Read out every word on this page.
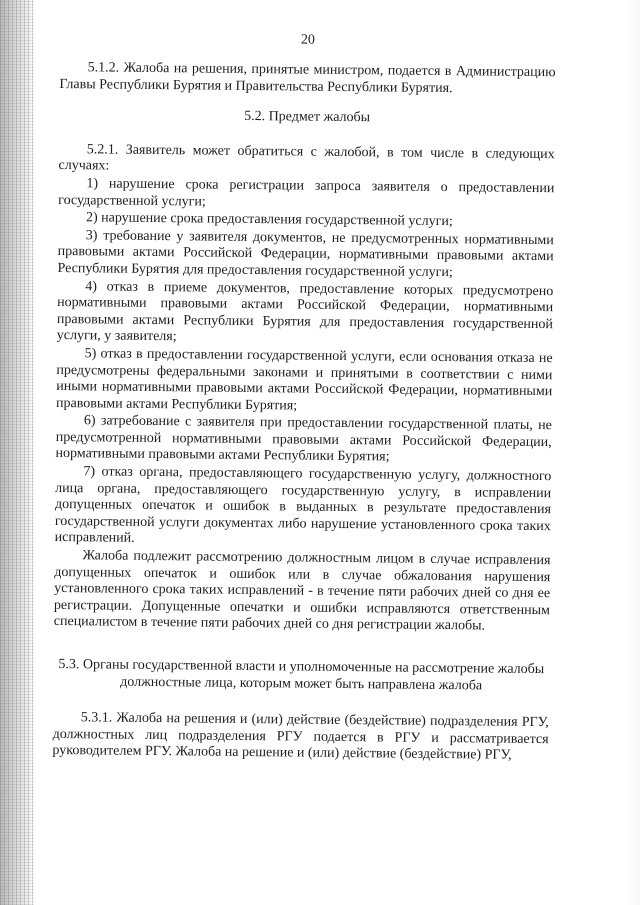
20

5.1.2. Жалоба на решения, принятые министром, подается в Администрацию Главы Республики Бурятия и Правительства Республики Бурятия.

5.2. Предмет жалобы

5.2.1. Заявитель может обратиться с жалобой, в том числе в следующих случаях:

1) нарушение срока регистрации запроса заявителя о предоставлении государственной услуги;

2) нарушение срока предоставления государственной услуги;

3) требование у заявителя документов, не предусмотренных нормативными правовыми актами Российской Федерации, нормативными правовыми актами Республики Бурятия для предоставления государственной услуги;

4) отказ в приеме документов, предоставление которых предусмотрено нормативными правовыми актами Российской Федерации, нормативными правовыми актами Республики Бурятия для предоставления государственной услуги, у заявителя;

5) отказ в предоставлении государственной услуги, если основания отказа не предусмотрены федеральными законами и принятыми в соответствии с ними иными нормативными правовыми актами Российской Федерации, нормативными правовыми актами Республики Бурятия;

6) затребование с заявителя при предоставлении государственной платы, не предусмотренной нормативными правовыми актами Российской Федерации, нормативными правовыми актами Республики Бурятия;

7) отказ органа, предоставляющего государственную услугу, должностного лица органа, предоставляющего государственную услугу, в исправлении допущенных опечаток и ошибок в выданных в результате предоставления государственной услуги документах либо нарушение установленного срока таких исправлений.

Жалоба подлежит рассмотрению должностным лицом в случае исправления допущенных опечаток и ошибок или в случае обжалования нарушения установленного срока таких исправлений - в течение пяти рабочих дней со дня ее регистрации. Допущенные опечатки и ошибки исправляются ответственным специалистом в течение пяти рабочих дней со дня регистрации жалобы.

5.3. Органы государственной власти и уполномоченные на рассмотрение жалобы должностные лица, которым может быть направлена жалоба

5.3.1. Жалоба на решения и (или) действие (бездействие) подразделения РГУ, должностных лиц подразделения РГУ подается в РГУ и рассматривается руководителем РГУ. Жалоба на решение и (или) действие (бездействие) РГУ,
